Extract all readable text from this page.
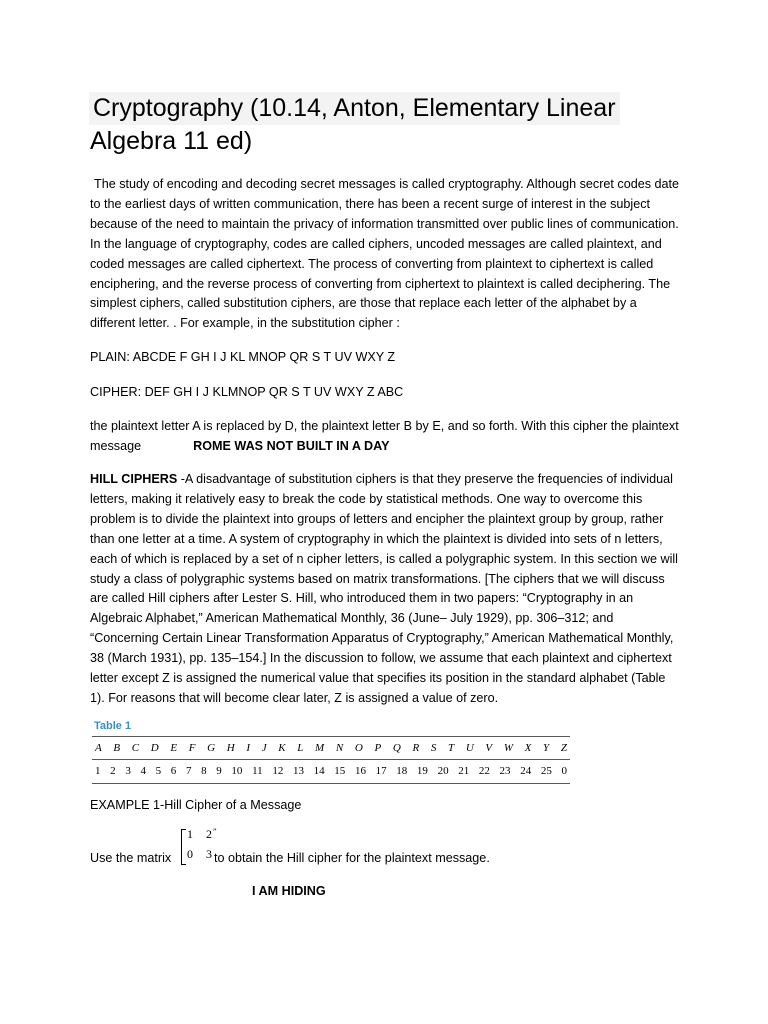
Cryptography (10.14, Anton, Elementary Linear
Algebra 11 ed)

The study of encoding and decoding secret messages is called cryptography. Although secret codes date to the earliest days of written communication, there has been a recent surge of interest in the subject because of the need to maintain the privacy of information transmitted over public lines of communication. In the language of cryptography, codes are called ciphers, uncoded messages are called plaintext, and coded messages are called ciphertext. The process of converting from plaintext to ciphertext is called enciphering, and the reverse process of converting from ciphertext to plaintext is called deciphering. The simplest ciphers, called substitution ciphers, are those that replace each letter of the alphabet by a different letter. . For example, in the substitution cipher :

PLAIN: ABCDE F GH I J KL MNOP QR S T UV WXY Z

CIPHER: DEF GH I J KLMNOP QR S T UV WXY Z ABC

the plaintext letter A is replaced by D, the plaintext letter B by E, and so forth. With this cipher the plaintext message	ROME WAS NOT BUILT IN A DAY

HILL CIPHERS -A disadvantage of substitution ciphers is that they preserve the frequencies of individual letters, making it relatively easy to break the code by statistical methods. One way to overcome this problem is to divide the plaintext into groups of letters and encipher the plaintext group by group, rather than one letter at a time. A system of cryptography in which the plaintext is divided into sets of n letters, each of which is replaced by a set of n cipher letters, is called a polygraphic system. In this section we will study a class of polygraphic systems based on matrix transformations. [The ciphers that we will discuss are called Hill ciphers after Lester S. Hill, who introduced them in two papers: “Cryptography in an Algebraic Alphabet,” American Mathematical Monthly, 36 (June– July 1929), pp. 306–312; and “Concerning Certain Linear Transformation Apparatus of Cryptography,” American Mathematical Monthly, 38 (March 1931), pp. 135–154.] In the discussion to follow, we assume that each plaintext and ciphertext letter except Z is assigned the numerical value that specifies its position in the standard alphabet (Table 1). For reasons that will become clear later, Z is assigned a value of zero.

Table 1

A B C D E F G H I J K L M N O P Q R S T U V W X Y Z
1 2 3 4 5 6 7 8 9 10 11 12 13 14 15 16 17 18 19 20 21 22 23 24 25 0

EXAMPLE 1-Hill Cipher of a Message

Use the matrix
1 2 ”
0 3 to obtain the Hill cipher for the plaintext message.
I AM HIDING
